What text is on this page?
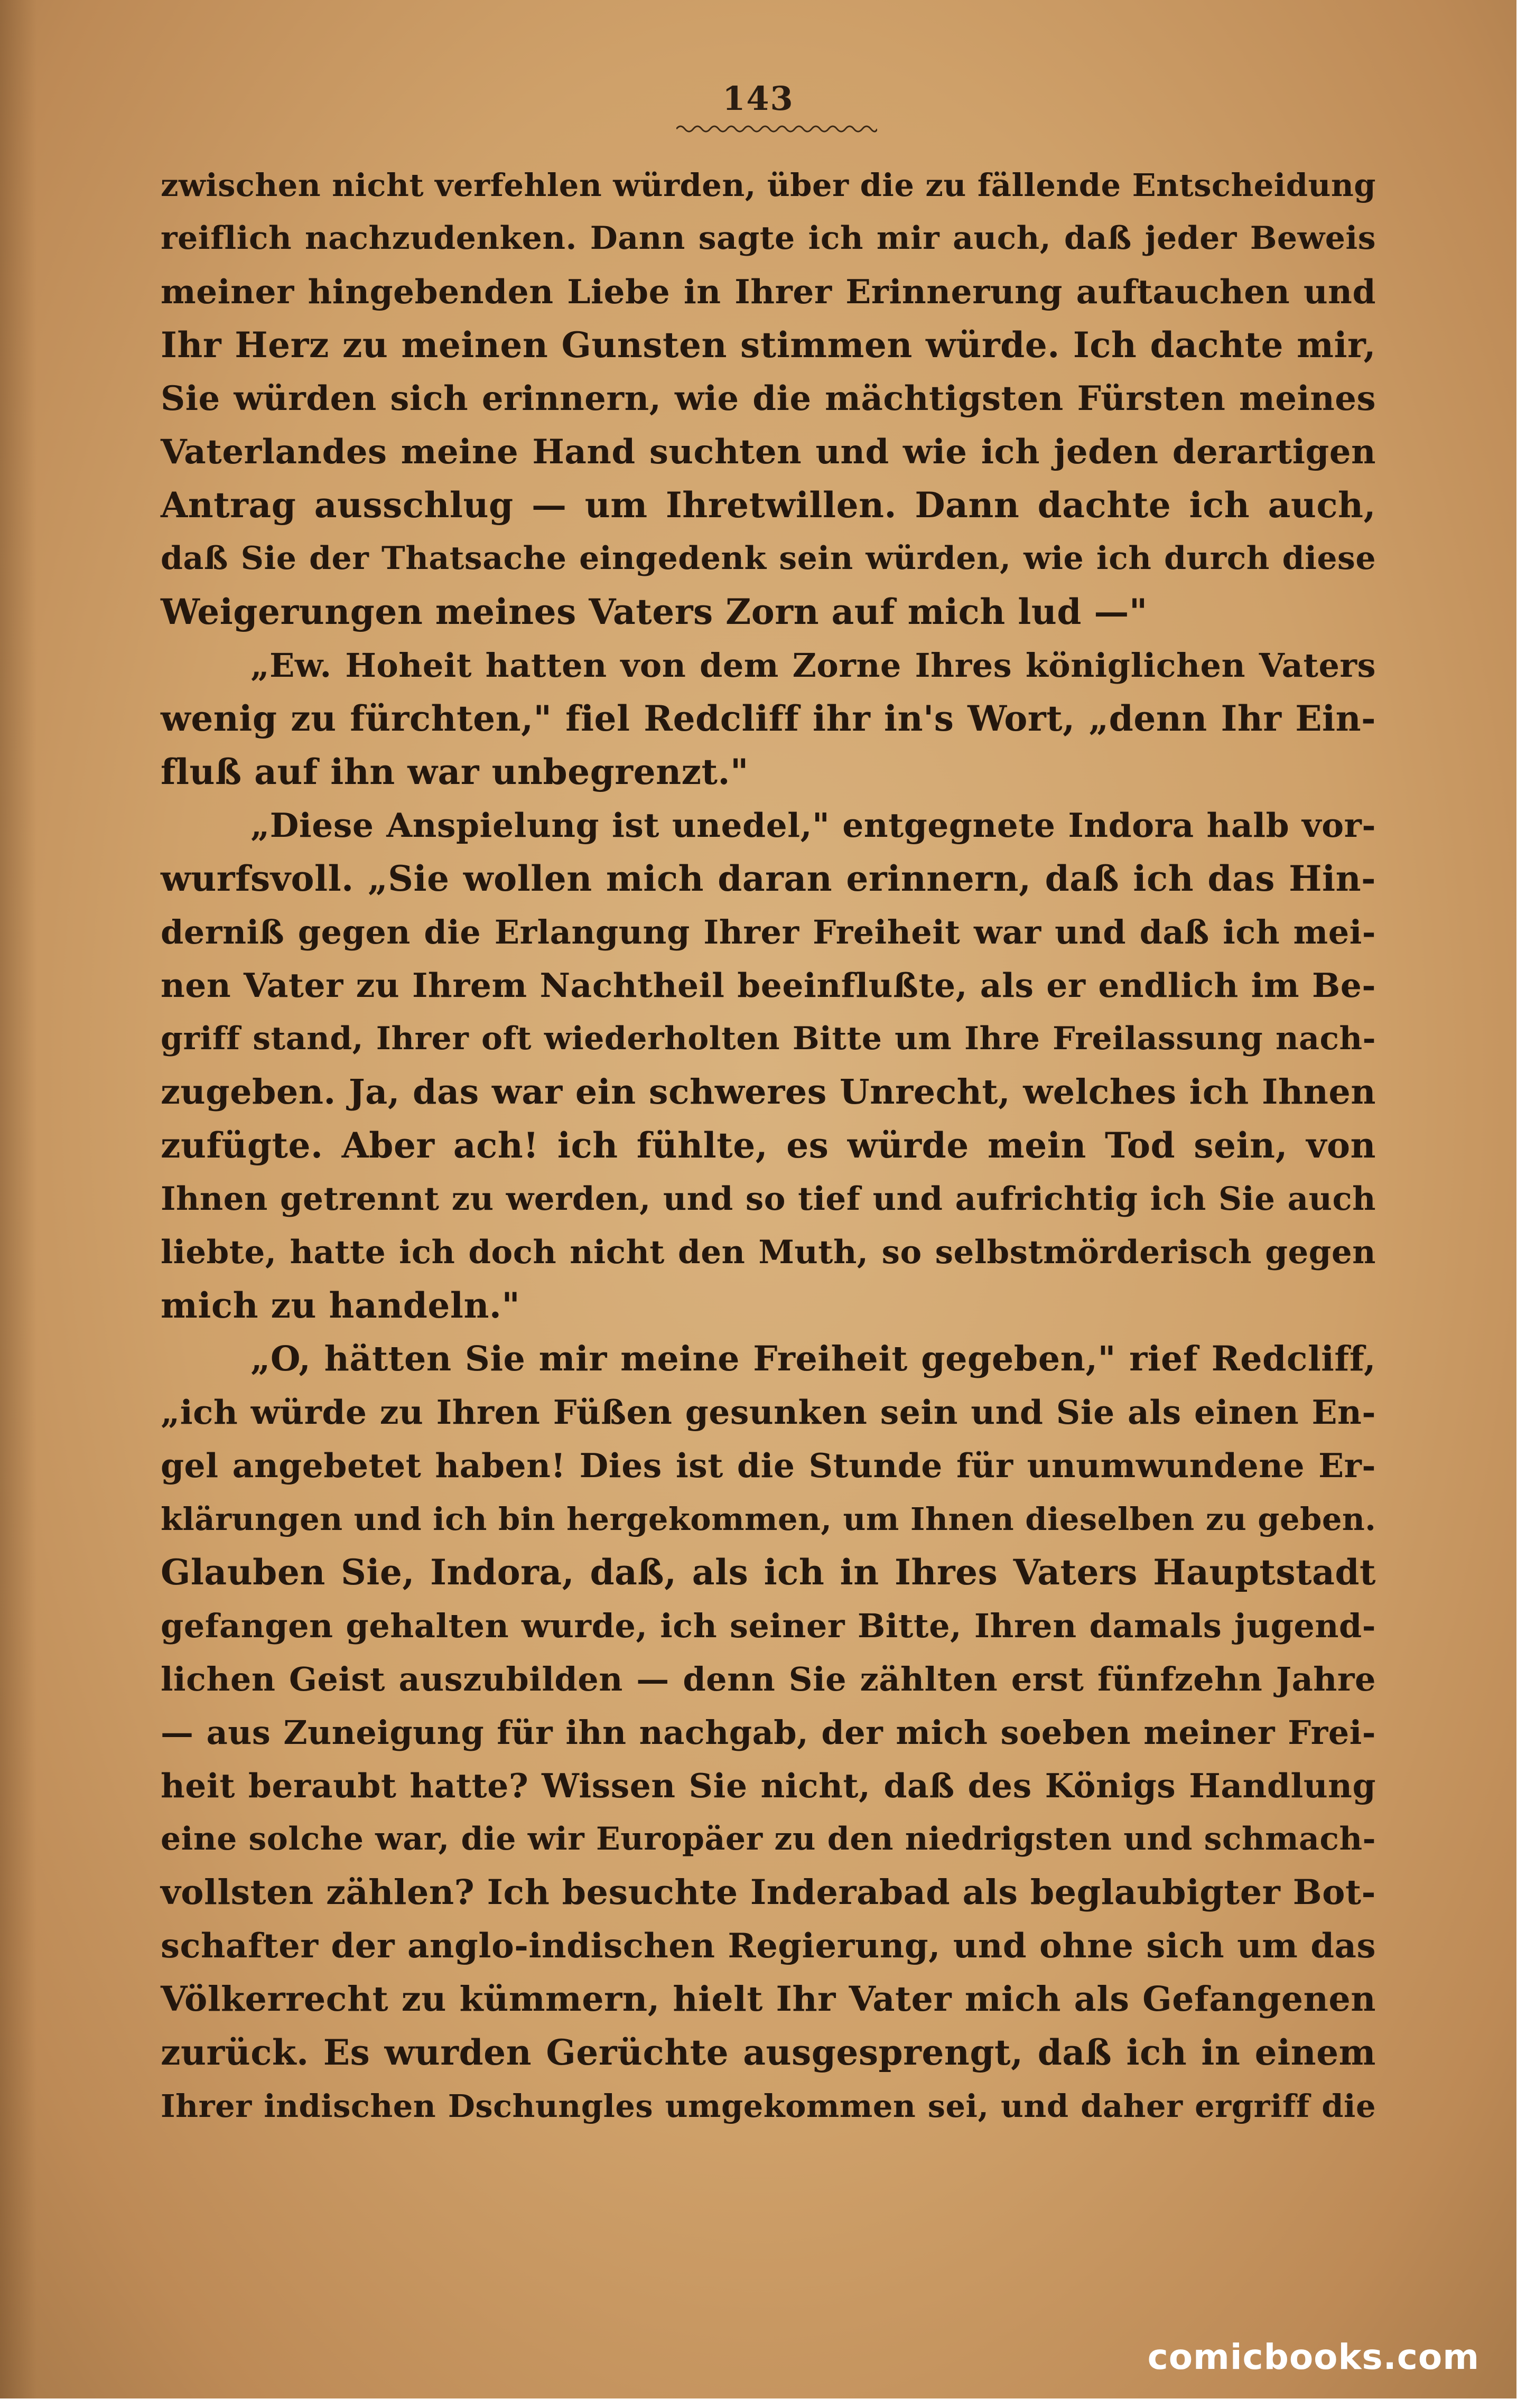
143
zwischen nicht verfehlen würden, über die zu fällende Entscheidung
reiflich nachzudenken. Dann sagte ich mir auch, daß jeder Beweis
meiner hingebenden Liebe in Ihrer Erinnerung auftauchen und
Ihr Herz zu meinen Gunsten stimmen würde. Ich dachte mir,
Sie würden sich erinnern, wie die mächtigsten Fürsten meines
Vaterlandes meine Hand suchten und wie ich jeden derartigen
Antrag ausschlug — um Ihretwillen. Dann dachte ich auch,
daß Sie der Thatsache eingedenk sein würden, wie ich durch diese
Weigerungen meines Vaters Zorn auf mich lud —"
„Ew. Hoheit hatten von dem Zorne Ihres königlichen Vaters
wenig zu fürchten," fiel Redcliff ihr in's Wort, „denn Ihr Ein-
fluß auf ihn war unbegrenzt."
„Diese Anspielung ist unedel," entgegnete Indora halb vor-
wurfsvoll. „Sie wollen mich daran erinnern, daß ich das Hin-
derniß gegen die Erlangung Ihrer Freiheit war und daß ich mei-
nen Vater zu Ihrem Nachtheil beeinflußte, als er endlich im Be-
griff stand, Ihrer oft wiederholten Bitte um Ihre Freilassung nach-
zugeben. Ja, das war ein schweres Unrecht, welches ich Ihnen
zufügte. Aber ach! ich fühlte, es würde mein Tod sein, von
Ihnen getrennt zu werden, und so tief und aufrichtig ich Sie auch
liebte, hatte ich doch nicht den Muth, so selbstmörderisch gegen
mich zu handeln."
„O, hätten Sie mir meine Freiheit gegeben," rief Redcliff,
„ich würde zu Ihren Füßen gesunken sein und Sie als einen En-
gel angebetet haben! Dies ist die Stunde für unumwundene Er-
klärungen und ich bin hergekommen, um Ihnen dieselben zu geben.
Glauben Sie, Indora, daß, als ich in Ihres Vaters Hauptstadt
gefangen gehalten wurde, ich seiner Bitte, Ihren damals jugend-
lichen Geist auszubilden — denn Sie zählten erst fünfzehn Jahre
— aus Zuneigung für ihn nachgab, der mich soeben meiner Frei-
heit beraubt hatte? Wissen Sie nicht, daß des Königs Handlung
eine solche war, die wir Europäer zu den niedrigsten und schmach-
vollsten zählen? Ich besuchte Inderabad als beglaubigter Bot-
schafter der anglo-indischen Regierung, und ohne sich um das
Völkerrecht zu kümmern, hielt Ihr Vater mich als Gefangenen
zurück. Es wurden Gerüchte ausgesprengt, daß ich in einem
Ihrer indischen Dschungles umgekommen sei, und daher ergriff die
comicbooks.com
